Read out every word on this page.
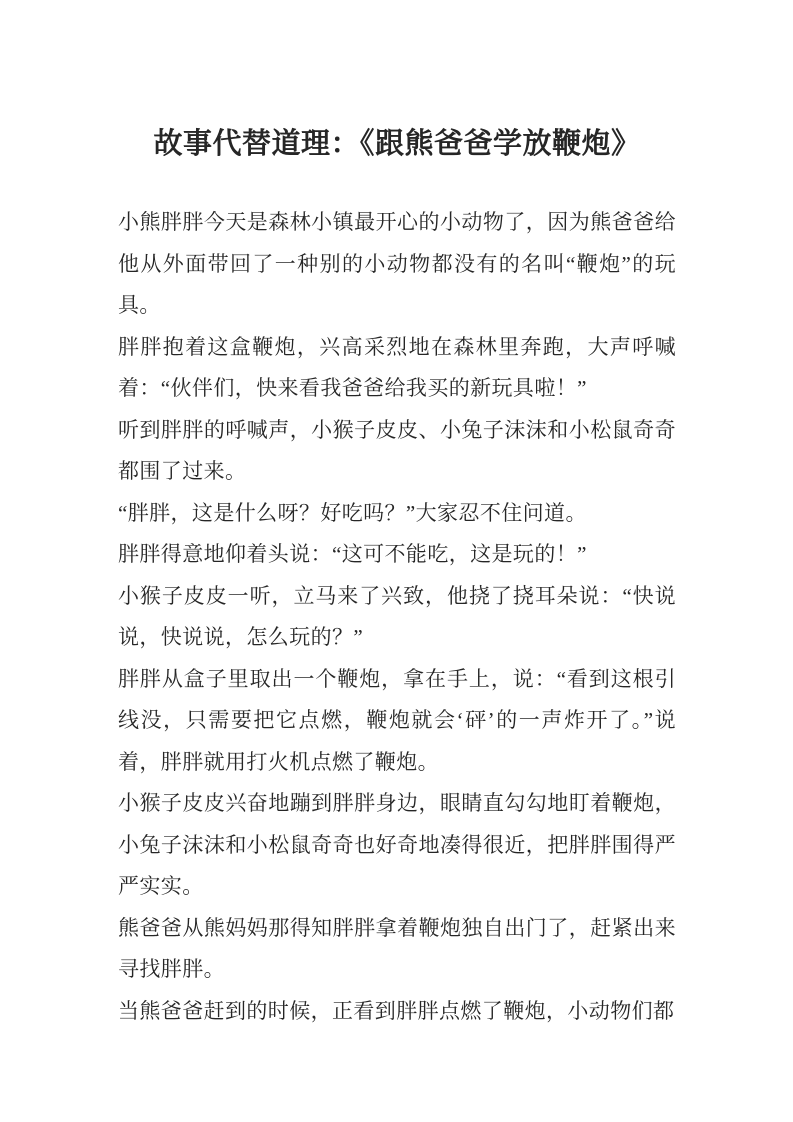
故事代替道理：《跟熊爸爸学放鞭炮》

小熊胖胖今天是森林小镇最开心的小动物了，因为熊爸爸给他从外面带回了一种别的小动物都没有的名叫“鞭炮”的玩具。

胖胖抱着这盒鞭炮，兴高采烈地在森林里奔跑，大声呼喊着：“伙伴们，快来看我爸爸给我买的新玩具啦！”

听到胖胖的呼喊声，小猴子皮皮、小兔子沫沫和小松鼠奇奇都围了过来。

“胖胖，这是什么呀？好吃吗？”大家忍不住问道。

胖胖得意地仰着头说：“这可不能吃，这是玩的！”

小猴子皮皮一听，立马来了兴致，他挠了挠耳朵说：“快说说，快说说，怎么玩的？”

胖胖从盒子里取出一个鞭炮，拿在手上，说：“看到这根引线没，只需要把它点燃，鞭炮就会‘砰’的一声炸开了。”说着，胖胖就用打火机点燃了鞭炮。

小猴子皮皮兴奋地蹦到胖胖身边，眼睛直勾勾地盯着鞭炮，小兔子沫沫和小松鼠奇奇也好奇地凑得很近，把胖胖围得严严实实。

熊爸爸从熊妈妈那得知胖胖拿着鞭炮独自出门了，赶紧出来寻找胖胖。

当熊爸爸赶到的时候，正看到胖胖点燃了鞭炮，小动物们都
